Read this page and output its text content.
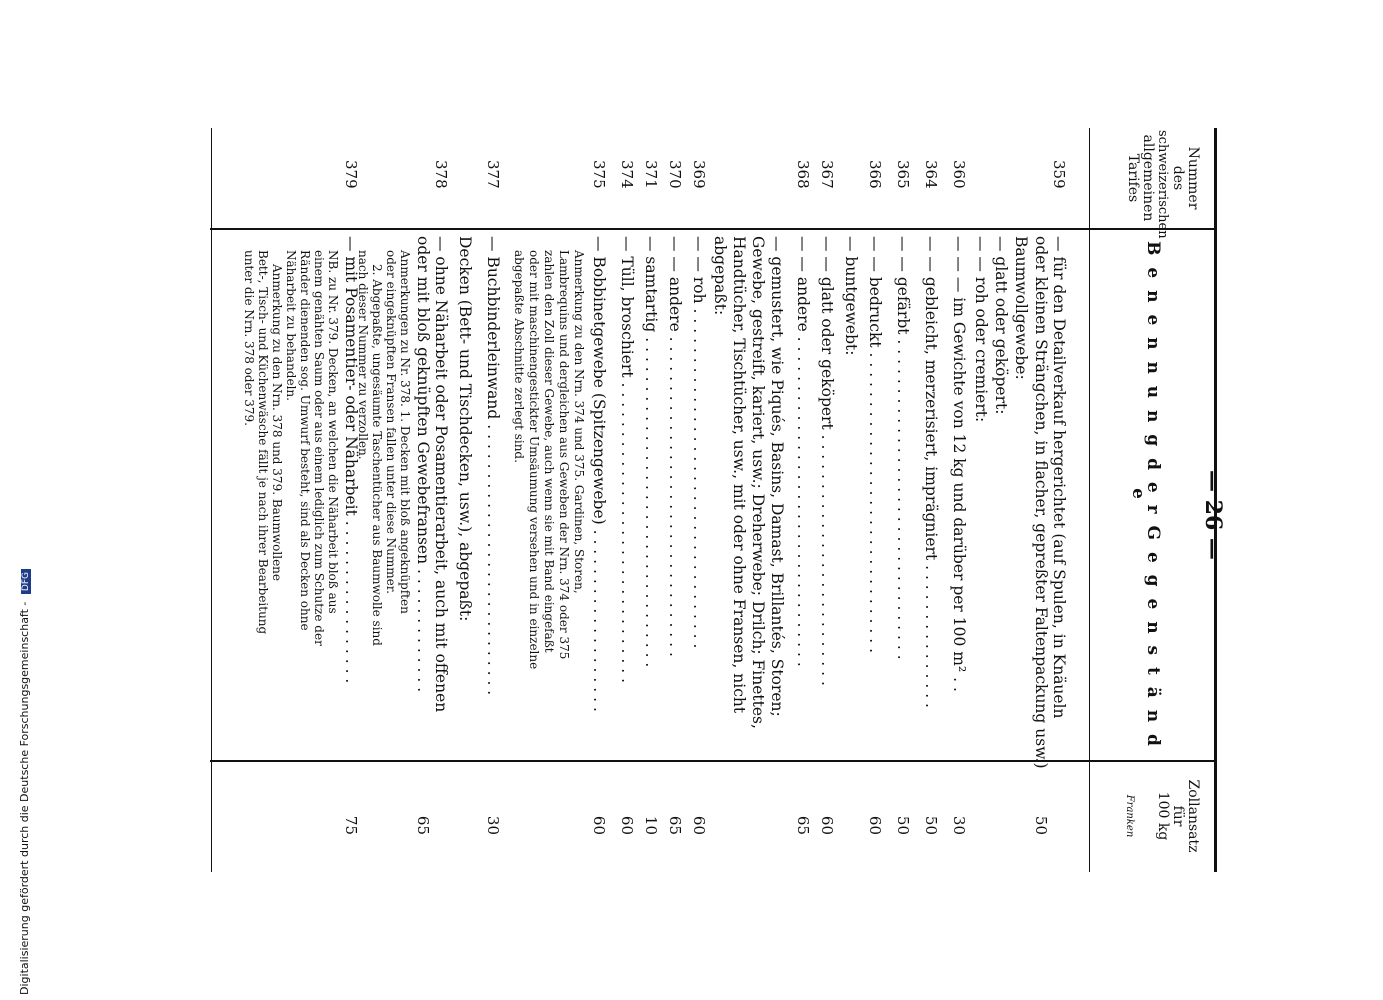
— 26 —
Nummer
des
schweizerischen
allgemeinen
Tarifes
B e n e n n u n g d e r G e g e n s t ä n d e
Zollansatz
für
100 kg
Franken
359
— für den Detailverkauf hergerichtet (auf Spulen, in Knäueln
oder kleinen Strängchen, in flacher, gepreßter Faltenpackung usw.)
50
Baumwollgewebe:
— glatt oder geköpert:
— — roh oder cremiert:
360
— — — im Gewichte von 12 kg und darüber per 100 m² . .
30
364
— — gebleicht, merzerisiert, imprägniert . . . . . . . . . . . . . . .
50
365
— — gefärbt . . . . . . . . . . . . . . . . . . . . . . . . . . . . . . . . .
50
366
— — bedruckt . . . . . . . . . . . . . . . . . . . . . . . . . . . . . . .
60
— buntgewebt:
367
— — glatt oder geköpert . . . . . . . . . . . . . . . . . . . . . . . . . .
60
368
— — andere . . . . . . . . . . . . . . . . . . . . . . . . . . . . . . . . . .
65
— gemustert, wie Piqués, Basins, Damast, Brillantés, Storen;
Gewebe, gestreift, kariert, usw.; Dreherwebe; Drilch; Finettes,
Handtücher, Tischtücher, usw., mit oder ohne Fransen, nicht
abgepaßt:
369
— — roh . . . . . . . . . . . . . . . . . . . . . . . . . . . . . . . . . . .
60
370
— — andere . . . . . . . . . . . . . . . . . . . . . . . . . . . . . . . . .
65
371
— samtartig . . . . . . . . . . . . . . . . . . . . . . . . . . . . . . . . . .
10
374
— Tüll, broschiert . . . . . . . . . . . . . . . . . . . . . . . . . . . . . . .
60
375
— Bobbinetgewebe (Spitzengewebe) . . . . . . . . . . . . . . . . . . .
60
Anmerkung zu den Nrn. 374 und 375. Gardinen, Storen,
Lambrequins und dergleichen aus Geweben der Nrn. 374 oder 375
zahlen den Zoll dieser Gewebe, auch wenn sie mit Band eingefaßt
oder mit maschinengestickter Umsäumung versehen und in einzelne
abgepaßte Abschnitte zerlegt sind.
377
— Buchbinderleinwand . . . . . . . . . . . . . . . . . . . . . . . . . . . .
30
Decken (Bett- und Tischdecken, usw.), abgepaßt:
378
— ohne Näharbeit oder Posamentierarbeit, auch mit offenen
oder mit bloß geknüpften Gewebefransen . . . . . . . . . . . . .
65
Anmerkungen zu Nr. 378. 1. Decken mit bloß angeknüpften
oder eingeknüpften Fransen fallen unter diese Nummer.
2. Abgepaßte, ungesäumte Taschentücher aus Baumwolle sind
nach dieser Nummer zu verzollen.
379
— mit Posamentier- oder Näharbeit . . . . . . . . . . . . . . . . .
75
NB. zu Nr. 379. Decken, an welchen die Näharbeit bloß aus
einem genähten Saum oder aus einem lediglich zum Schutze der
Ränder dienenden sog. Umwurf besteht, sind als Decken ohne
Näharbeit zu behandeln.
Anmerkung zu den Nrn. 378 und 379. Baumwollene
Bett-, Tisch- und Küchenwäsche fällt je nach ihrer Bearbeitung
unter die Nrn. 378 oder 379.
Digitalisierung gefördert durch die Deutsche Forschungsgemeinschaft - DFG
